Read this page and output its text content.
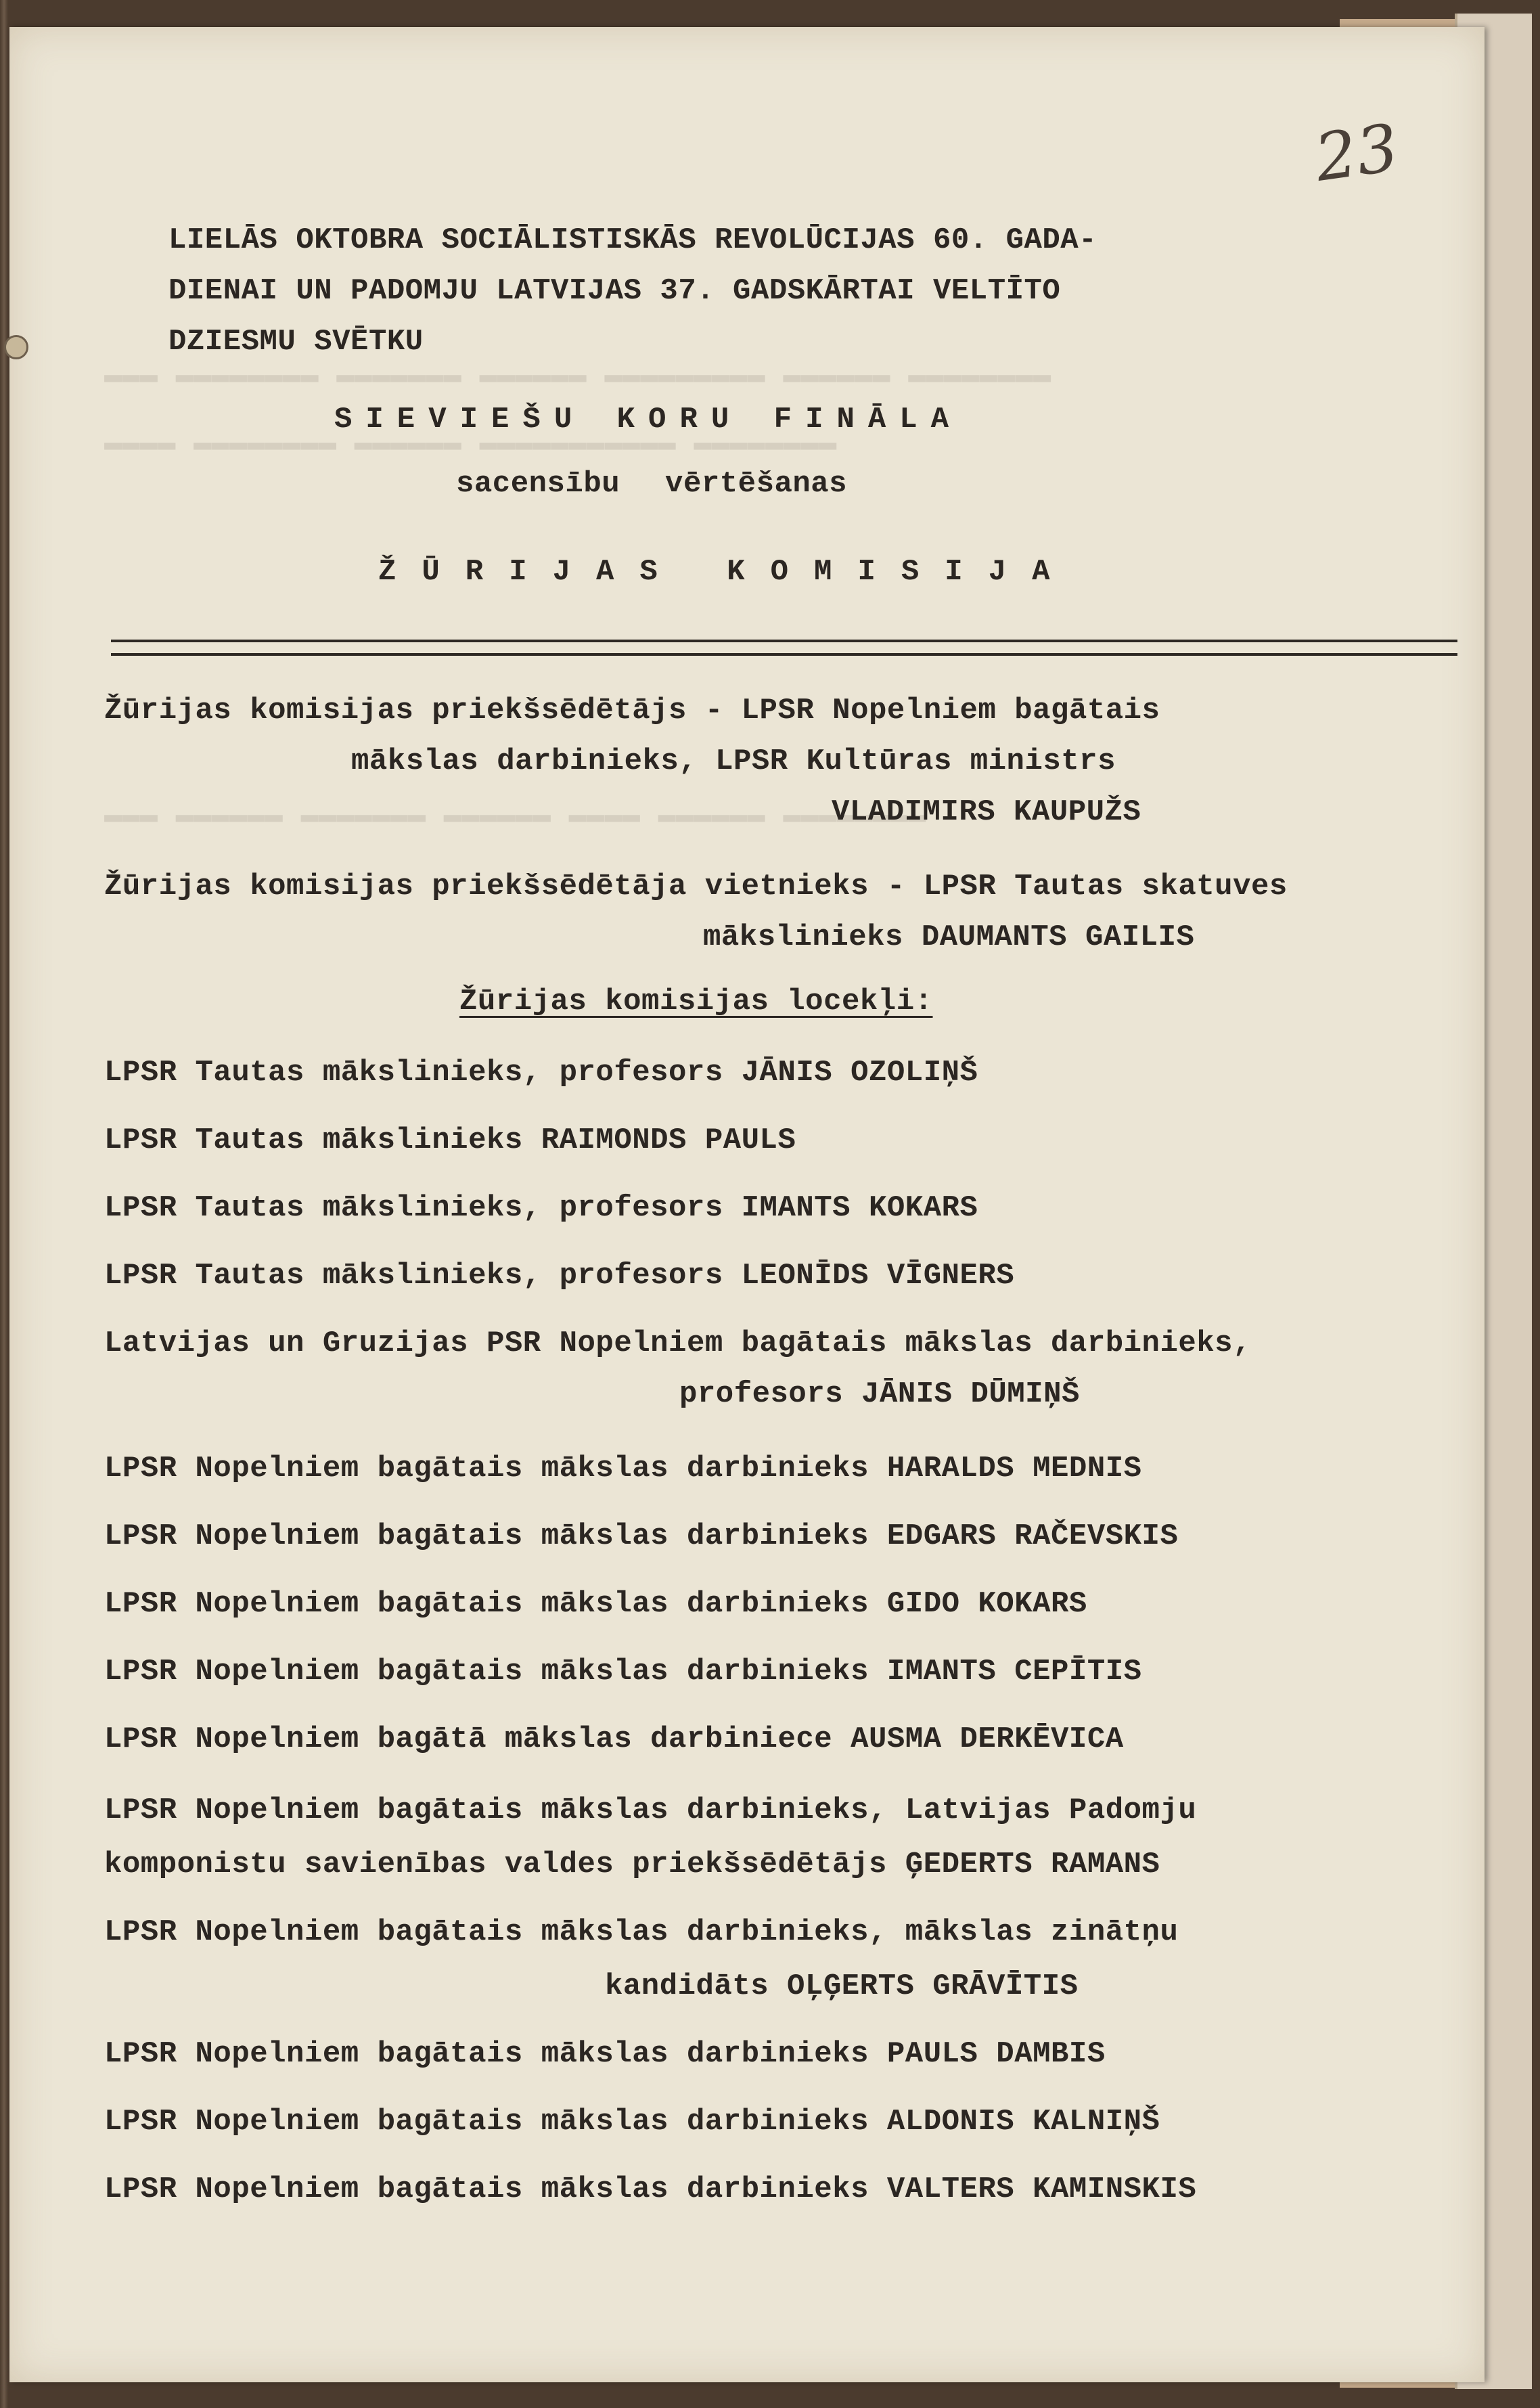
▬▬▬ ▬▬▬▬▬▬▬▬ ▬▬▬▬▬▬▬ ▬▬▬▬▬▬ ▬▬▬▬▬▬▬▬▬ ▬▬▬▬▬▬ ▬▬▬▬▬▬▬▬
▬▬▬▬ ▬▬▬▬▬▬▬▬ ▬▬▬▬▬▬ ▬▬▬▬▬▬▬▬▬▬▬ ▬▬▬▬▬▬▬▬
▬▬▬ ▬▬▬▬▬▬ ▬▬▬▬▬▬▬ ▬▬▬▬▬▬ ▬▬▬▬ ▬▬▬▬▬▬ ▬▬▬▬▬▬▬▬
23
LIELĀS OKTOBRA SOCIĀLISTISKĀS REVOLŪCIJAS 60. GADA-
DIENAI UN PADOMJU LATVIJAS 37. GADSKĀRTAI VELTĪTO
DZIESMU SVĒTKU
SIEVIEŠU KORU FINĀLA
sacensību vērtēšanas
ŽŪRIJAS KOMISIJA
Žūrijas komisijas priekšsēdētājs - LPSR Nopelniem bagātais
mākslas darbinieks, LPSR Kultūras ministrs
VLADIMIRS KAUPUŽS
Žūrijas komisijas priekšsēdētāja vietnieks - LPSR Tautas skatuves
mākslinieks DAUMANTS GAILIS
Žūrijas komisijas locekļi:
LPSR Tautas mākslinieks, profesors JĀNIS OZOLIŅŠ
LPSR Tautas mākslinieks RAIMONDS PAULS
LPSR Tautas mākslinieks, profesors IMANTS KOKARS
LPSR Tautas mākslinieks, profesors LEONĪDS VĪGNERS
Latvijas un Gruzijas PSR Nopelniem bagātais mākslas darbinieks,
profesors JĀNIS DŪMIŅŠ
LPSR Nopelniem bagātais mākslas darbinieks HARALDS MEDNIS
LPSR Nopelniem bagātais mākslas darbinieks EDGARS RAČEVSKIS
LPSR Nopelniem bagātais mākslas darbinieks GIDO KOKARS
LPSR Nopelniem bagātais mākslas darbinieks IMANTS CEPĪTIS
LPSR Nopelniem bagātā mākslas darbiniece AUSMA DERKĒVICA
LPSR Nopelniem bagātais mākslas darbinieks, Latvijas Padomju
komponistu savienības valdes priekšsēdētājs ĢEDERTS RAMANS
LPSR Nopelniem bagātais mākslas darbinieks, mākslas zinātņu
kandidāts OĻĢERTS GRĀVĪTIS
LPSR Nopelniem bagātais mākslas darbinieks PAULS DAMBIS
LPSR Nopelniem bagātais mākslas darbinieks ALDONIS KALNIŅŠ
LPSR Nopelniem bagātais mākslas darbinieks VALTERS KAMINSKIS
